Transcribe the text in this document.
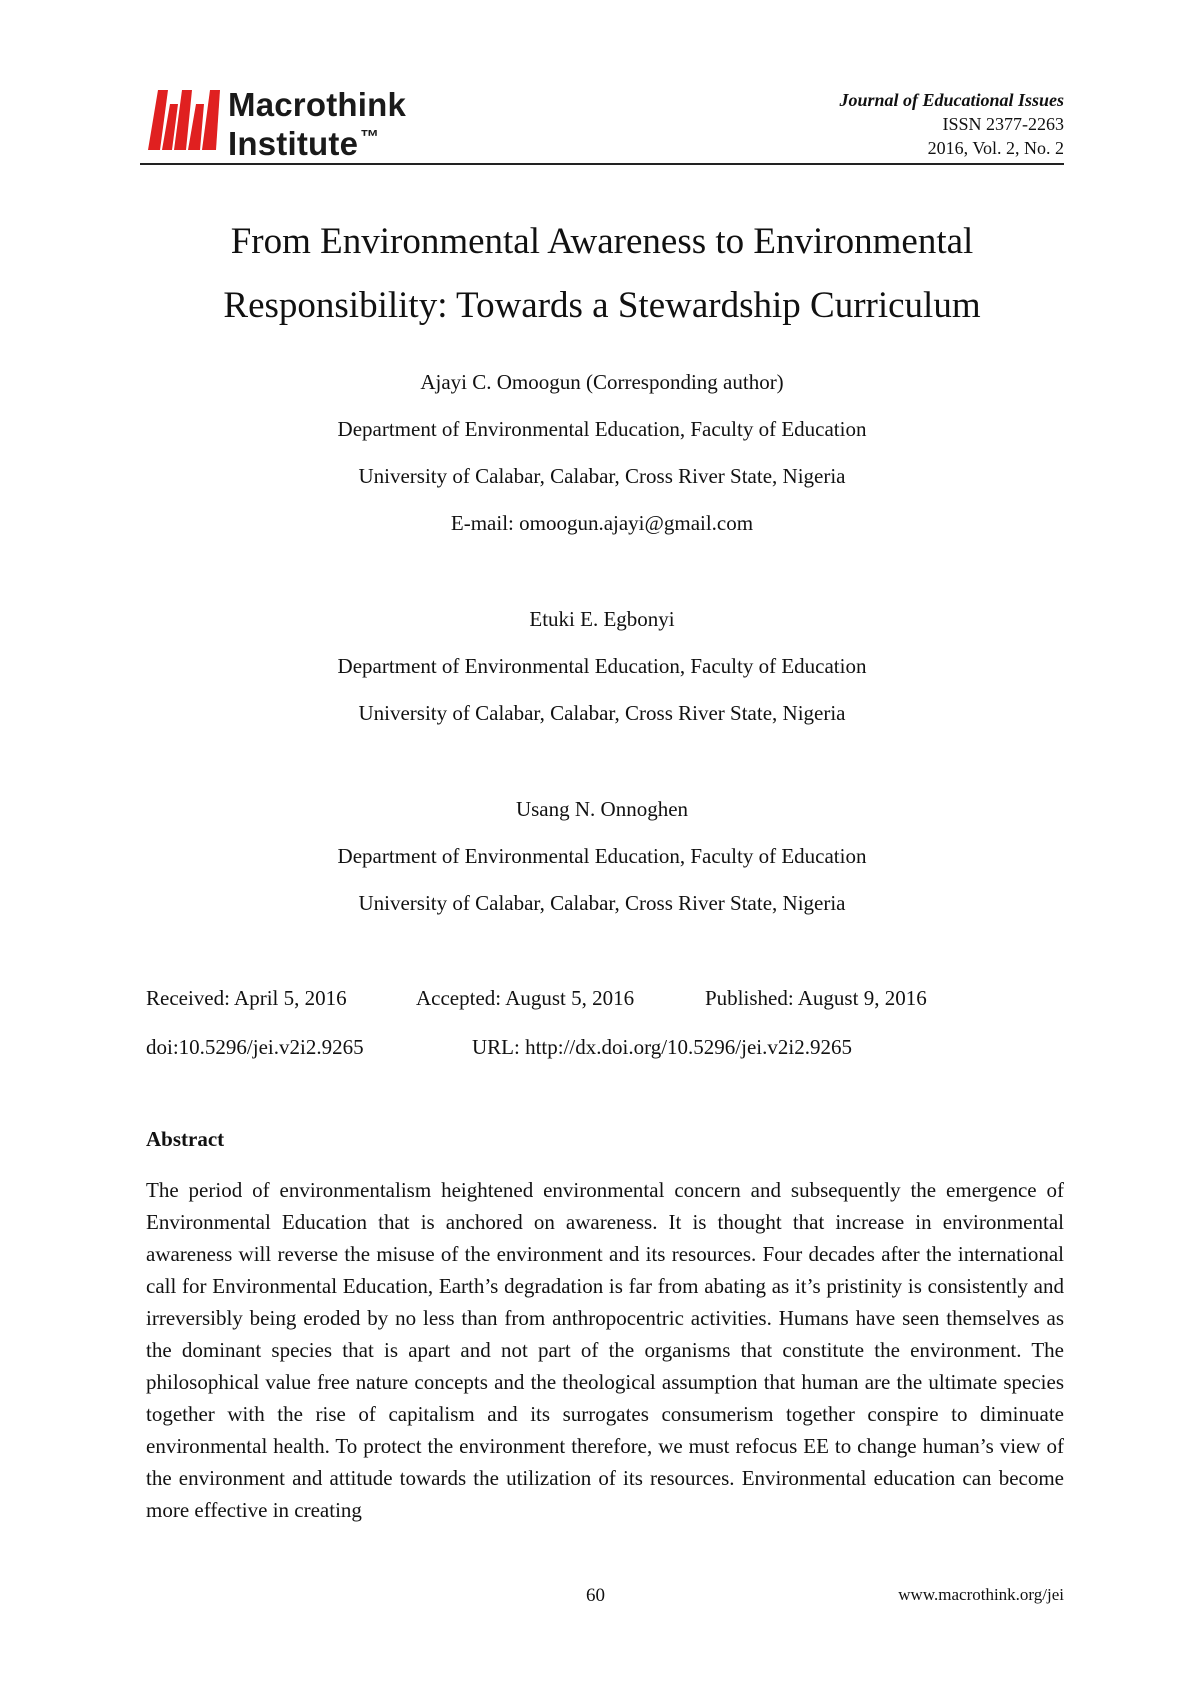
Macrothink
Institute ™
Journal of Educational Issues
ISSN 2377-2263
2016, Vol. 2, No. 2
From Environmental Awareness to Environmental
Responsibility: Towards a Stewardship Curriculum
Ajayi C. Omoogun (Corresponding author)
Department of Environmental Education, Faculty of Education
University of Calabar, Calabar, Cross River State, Nigeria
E-mail: omoogun.ajayi@gmail.com
Etuki E. Egbonyi
Department of Environmental Education, Faculty of Education
University of Calabar, Calabar, Cross River State, Nigeria
Usang N. Onnoghen
Department of Environmental Education, Faculty of Education
University of Calabar, Calabar, Cross River State, Nigeria
Received: April 5, 2016	Accepted: August 5, 2016	Published: August 9, 2016
doi:10.5296/jei.v2i2.9265	URL: http://dx.doi.org/10.5296/jei.v2i2.9265
Abstract
The period of environmentalism heightened environmental concern and subsequently the emergence of Environmental Education that is anchored on awareness. It is thought that increase in environmental awareness will reverse the misuse of the environment and its resources. Four decades after the international call for Environmental Education, Earth’s degradation is far from abating as it’s pristinity is consistently and irreversibly being eroded by no less than from anthropocentric activities. Humans have seen themselves as the dominant species that is apart and not part of the organisms that constitute the environment. The philosophical value free nature concepts and the theological assumption that human are the ultimate species together with the rise of capitalism and its surrogates consumerism together conspire to diminuate environmental health. To protect the environment therefore, we must refocus EE to change human’s view of the environment and attitude towards the utilization of its resources. Environmental education can become more effective in creating
60	www.macrothink.org/jei
